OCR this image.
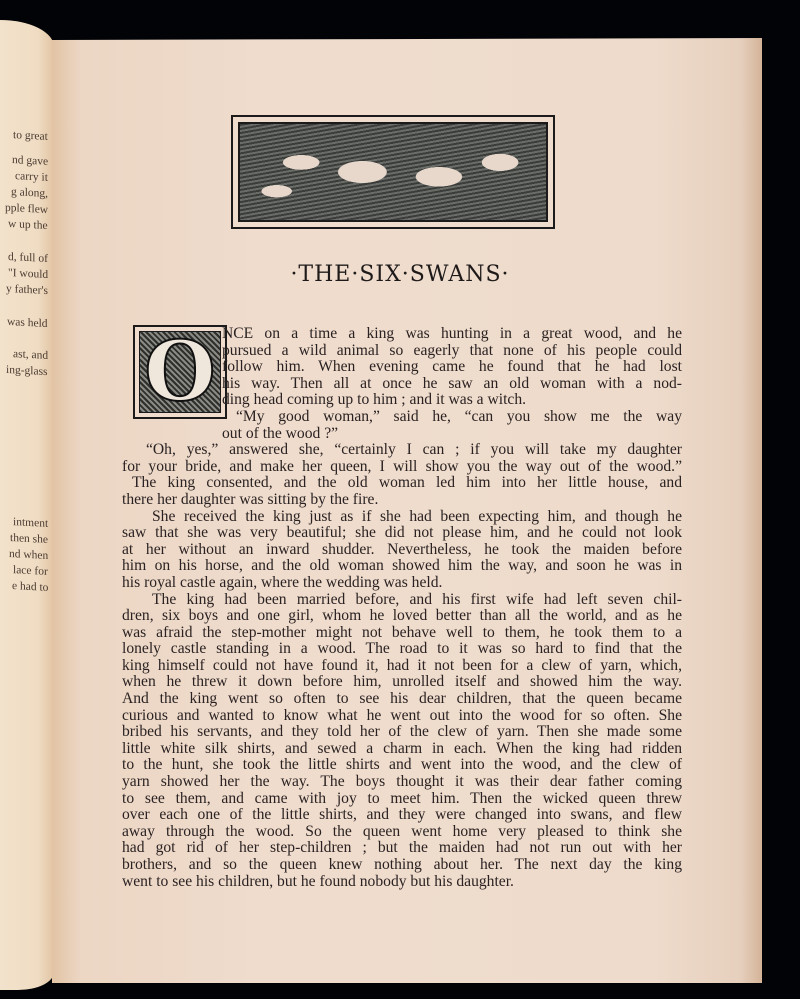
to great
nd gave
carry it
g along,
pple flew
w up the
d, full of
"I would
y father's
was held
ast, and
ing-glass
intment
then she
nd when
lace for
e had to
·THE·SIX·SWANS·
O NCE on a time a king was hunting in a great wood, and he
pursued a wild animal so eagerly that none of his people could
follow him. When evening came he found that he had lost
his way. Then all at once he saw an old woman with a nod-
ding head coming up to him ; and it was a witch.
“My good woman,” said he, “can you show me the way
out of the wood ?”
“Oh, yes,” answered she, “certainly I can ; if you will take my daughter
for your bride, and make her queen, I will show you the way out of the wood.”
The king consented, and the old woman led him into her little house, and
there her daughter was sitting by the fire.
She received the king just as if she had been expecting him, and though he
saw that she was very beautiful; she did not please him, and he could not look
at her without an inward shudder. Nevertheless, he took the maiden before
him on his horse, and the old woman showed him the way, and soon he was in
his royal castle again, where the wedding was held.
The king had been married before, and his first wife had left seven chil-
dren, six boys and one girl, whom he loved better than all the world, and as he
was afraid the step-mother might not behave well to them, he took them to a
lonely castle standing in a wood. The road to it was so hard to find that the
king himself could not have found it, had it not been for a clew of yarn, which,
when he threw it down before him, unrolled itself and showed him the way.
And the king went so often to see his dear children, that the queen became
curious and wanted to know what he went out into the wood for so often. She
bribed his servants, and they told her of the clew of yarn. Then she made some
little white silk shirts, and sewed a charm in each. When the king had ridden
to the hunt, she took the little shirts and went into the wood, and the clew of
yarn showed her the way. The boys thought it was their dear father coming
to see them, and came with joy to meet him. Then the wicked queen threw
over each one of the little shirts, and they were changed into swans, and flew
away through the wood. So the queen went home very pleased to think she
had got rid of her step-children ; but the maiden had not run out with her
brothers, and so the queen knew nothing about her. The next day the king
went to see his children, but he found nobody but his daughter.
